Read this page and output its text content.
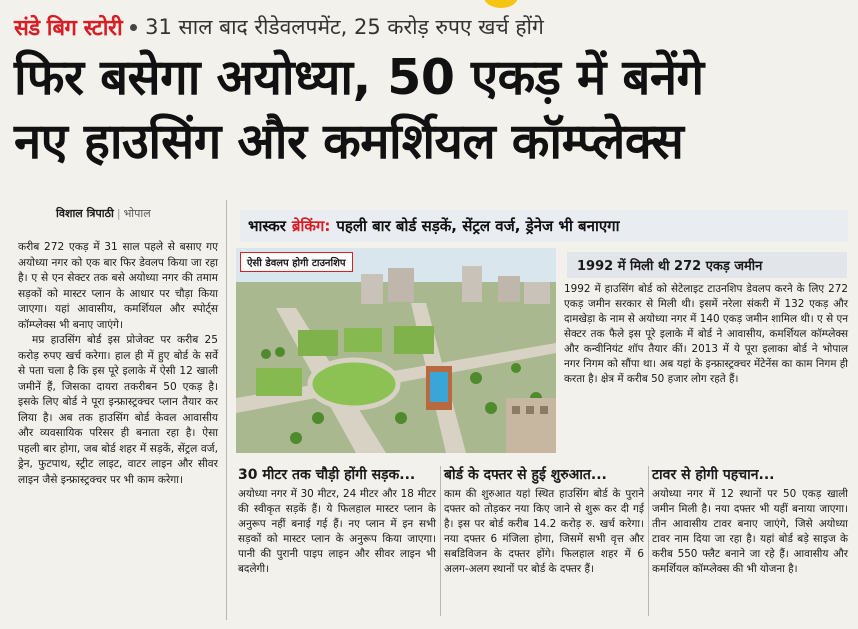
संडे बिग स्टोरी 31 साल बाद रीडेवलपमेंट, 25 करोड़ रुपए खर्च होंगे
फिर बसेगा अयोध्या, 50 एकड़ में बनेंगे
नए हाउसिंग और कमर्शियल कॉम्प्लेक्स
विशाल त्रिपाठी | भोपाल

करीब 272 एकड़ में 31 साल पहले से बसाए गए अयोध्या नगर को एक बार फिर डेवलप किया जा रहा है। ए से एन सेक्टर तक बसे अयोध्या नगर की तमाम सड़कों को मास्टर प्लान के आधार पर चौड़ा किया जाएगा। यहां आवासीय, कमर्शियल और स्पोर्ट्स कॉम्प्लेक्स भी बनाए जाएंगे।

मप्र हाउसिंग बोर्ड इस प्रोजेक्ट पर करीब 25 करोड़ रुपए खर्च करेगा। हाल ही में हुए बोर्ड के सर्वे से पता चला है कि इस पूरे इलाके में ऐसी 12 खाली जमीनें हैं, जिसका दायरा तकरीबन 50 एकड़ है। इसके लिए बोर्ड ने पूरा इन्फ्रास्ट्रक्चर प्लान तैयार कर लिया है। अब तक हाउसिंग बोर्ड केवल आवासीय और व्यवसायिक परिसर ही बनाता रहा है। ऐसा पहली बार होगा, जब बोर्ड शहर में सड़कें, सेंट्रल वर्ज, ड्रेन, फुटपाथ, स्ट्रीट लाइट, वाटर लाइन और सीवर लाइन जैसे इन्फ्रास्ट्रक्चर पर भी काम करेगा।

भास्कर ब्रेकिंग: पहली बार बोर्ड सड़कें, सेंट्रल वर्ज, ड्रेनेज भी बनाएगा
ऐसी डेवलप होगी टाउनशिप	1992 में मिली थी 272 एकड़ जमीन
1992 में हाउसिंग बोर्ड को सेटेलाइट टाउनशिप डेवलप करने के लिए 272 एकड़ जमीन सरकार से मिली थी। इसमें नरेला संकरी में 132 एकड़ और दामखेड़ा के नाम से अयोध्या नगर में 140 एकड़ जमीन शामिल थी। ए से एन सेक्टर तक फैले इस पूरे इलाके में बोर्ड ने आवासीय, कमर्शियल कॉम्प्लेक्स और कन्वीनियंट शॉप तैयार कीं। 2013 में ये पूरा इलाका बोर्ड ने भोपाल नगर निगम को सौंपा था। अब यहां के इन्फ्रास्ट्रक्चर मेंटेनेंस का काम निगम ही करता है। क्षेत्र में करीब 50 हजार लोग रहते हैं।
30 मीटर तक चौड़ी होंगी सड़क...
अयोध्या नगर में 30 मीटर, 24 मीटर और 18 मीटर की स्वीकृत सड़कें हैं। ये फिलहाल मास्टर प्लान के अनुरूप नहीं बनाई गई हैं। नए प्लान में इन सभी सड़कों को मास्टर प्लान के अनुरूप किया जाएगा। पानी की पुरानी पाइप लाइन और सीवर लाइन भी बदलेगी।
बोर्ड के दफ्तर से हुई शुरुआत...
काम की शुरुआत यहां स्थित हाउसिंग बोर्ड के पुराने दफ्तर को तोड़कर नया किए जाने से शुरू कर दी गई है। इस पर बोर्ड करीब 14.2 करोड़ रु. खर्च करेगा। नया दफ्तर 6 मंजिला होगा, जिसमें सभी वृत्त और सबडिविजन के दफ्तर होंगे। फिलहाल शहर में 6 अलग-अलग स्थानों पर बोर्ड के दफ्तर हैं।
टावर से होगी पहचान...
अयोध्या नगर में 12 स्थानों पर 50 एकड़ खाली जमीन मिली है। नया दफ्तर भी यहीं बनाया जाएगा। तीन आवासीय टावर बनाए जाएंगे, जिसे अयोध्या टावर नाम दिया जा रहा है। यहां बोर्ड बड़े साइज के करीब 550 फ्लैट बनाने जा रहे हैं। आवासीय और कमर्शियल कॉम्प्लेक्स की भी योजना है।
